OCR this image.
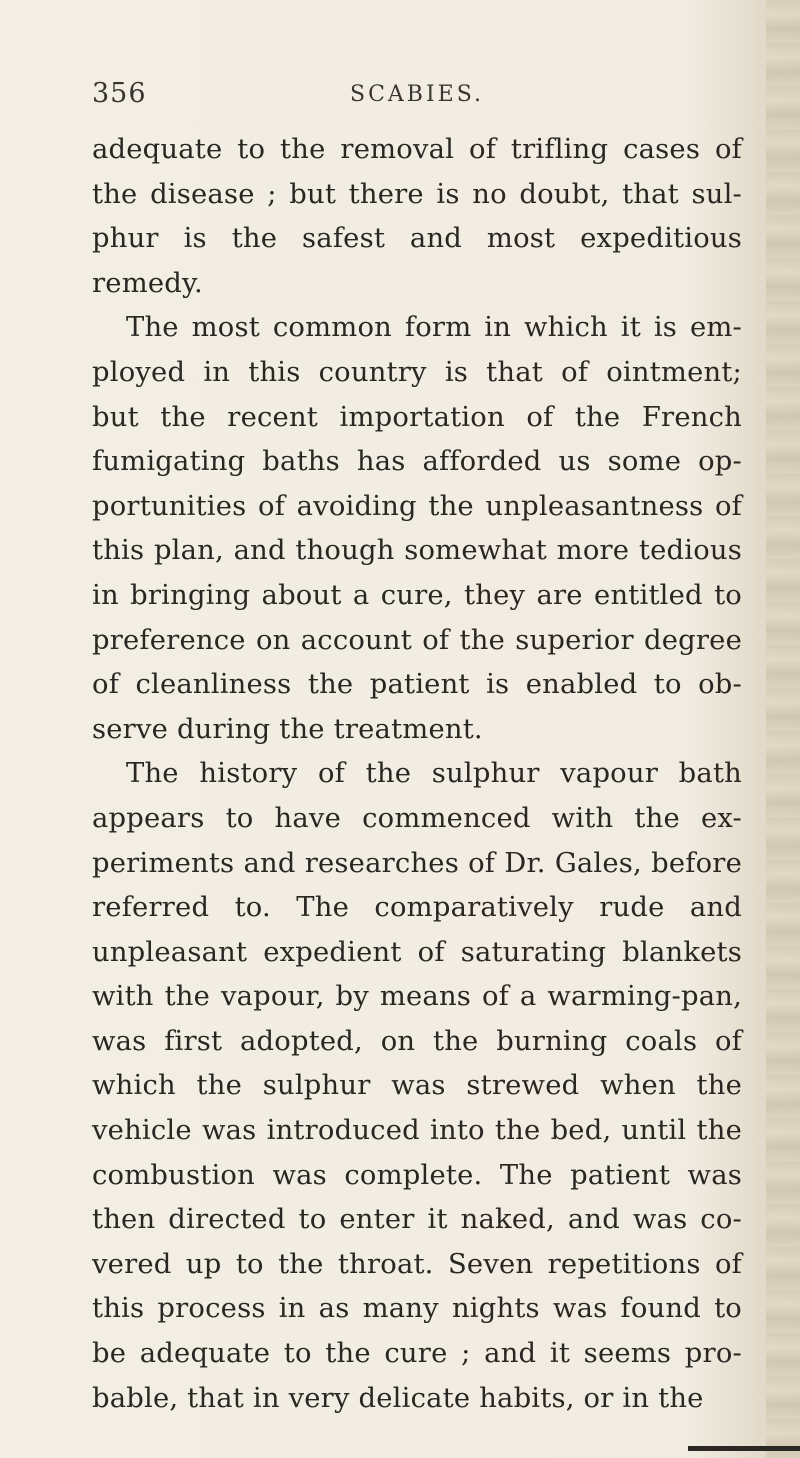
356	SCABIES.
adequate to the removal of trifling cases of
the disease ; but there is no doubt, that sul-
phur is the safest and most expeditious
remedy.
The most common form in which it is em-
ployed in this country is that of ointment;
but the recent importation of the French
fumigating baths has afforded us some op-
portunities of avoiding the unpleasantness of
this plan, and though somewhat more tedious
in bringing about a cure, they are entitled to
preference on account of the superior degree
of cleanliness the patient is enabled to ob-
serve during the treatment.
The history of the sulphur vapour bath
appears to have commenced with the ex-
periments and researches of Dr. Gales, before
referred to. The comparatively rude and
unpleasant expedient of saturating blankets
with the vapour, by means of a warming-pan,
was first adopted, on the burning coals of
which the sulphur was strewed when the
vehicle was introduced into the bed, until the
combustion was complete. The patient was
then directed to enter it naked, and was co-
vered up to the throat. Seven repetitions of
this process in as many nights was found to
be adequate to the cure ; and it seems pro-
bable, that in very delicate habits, or in the
